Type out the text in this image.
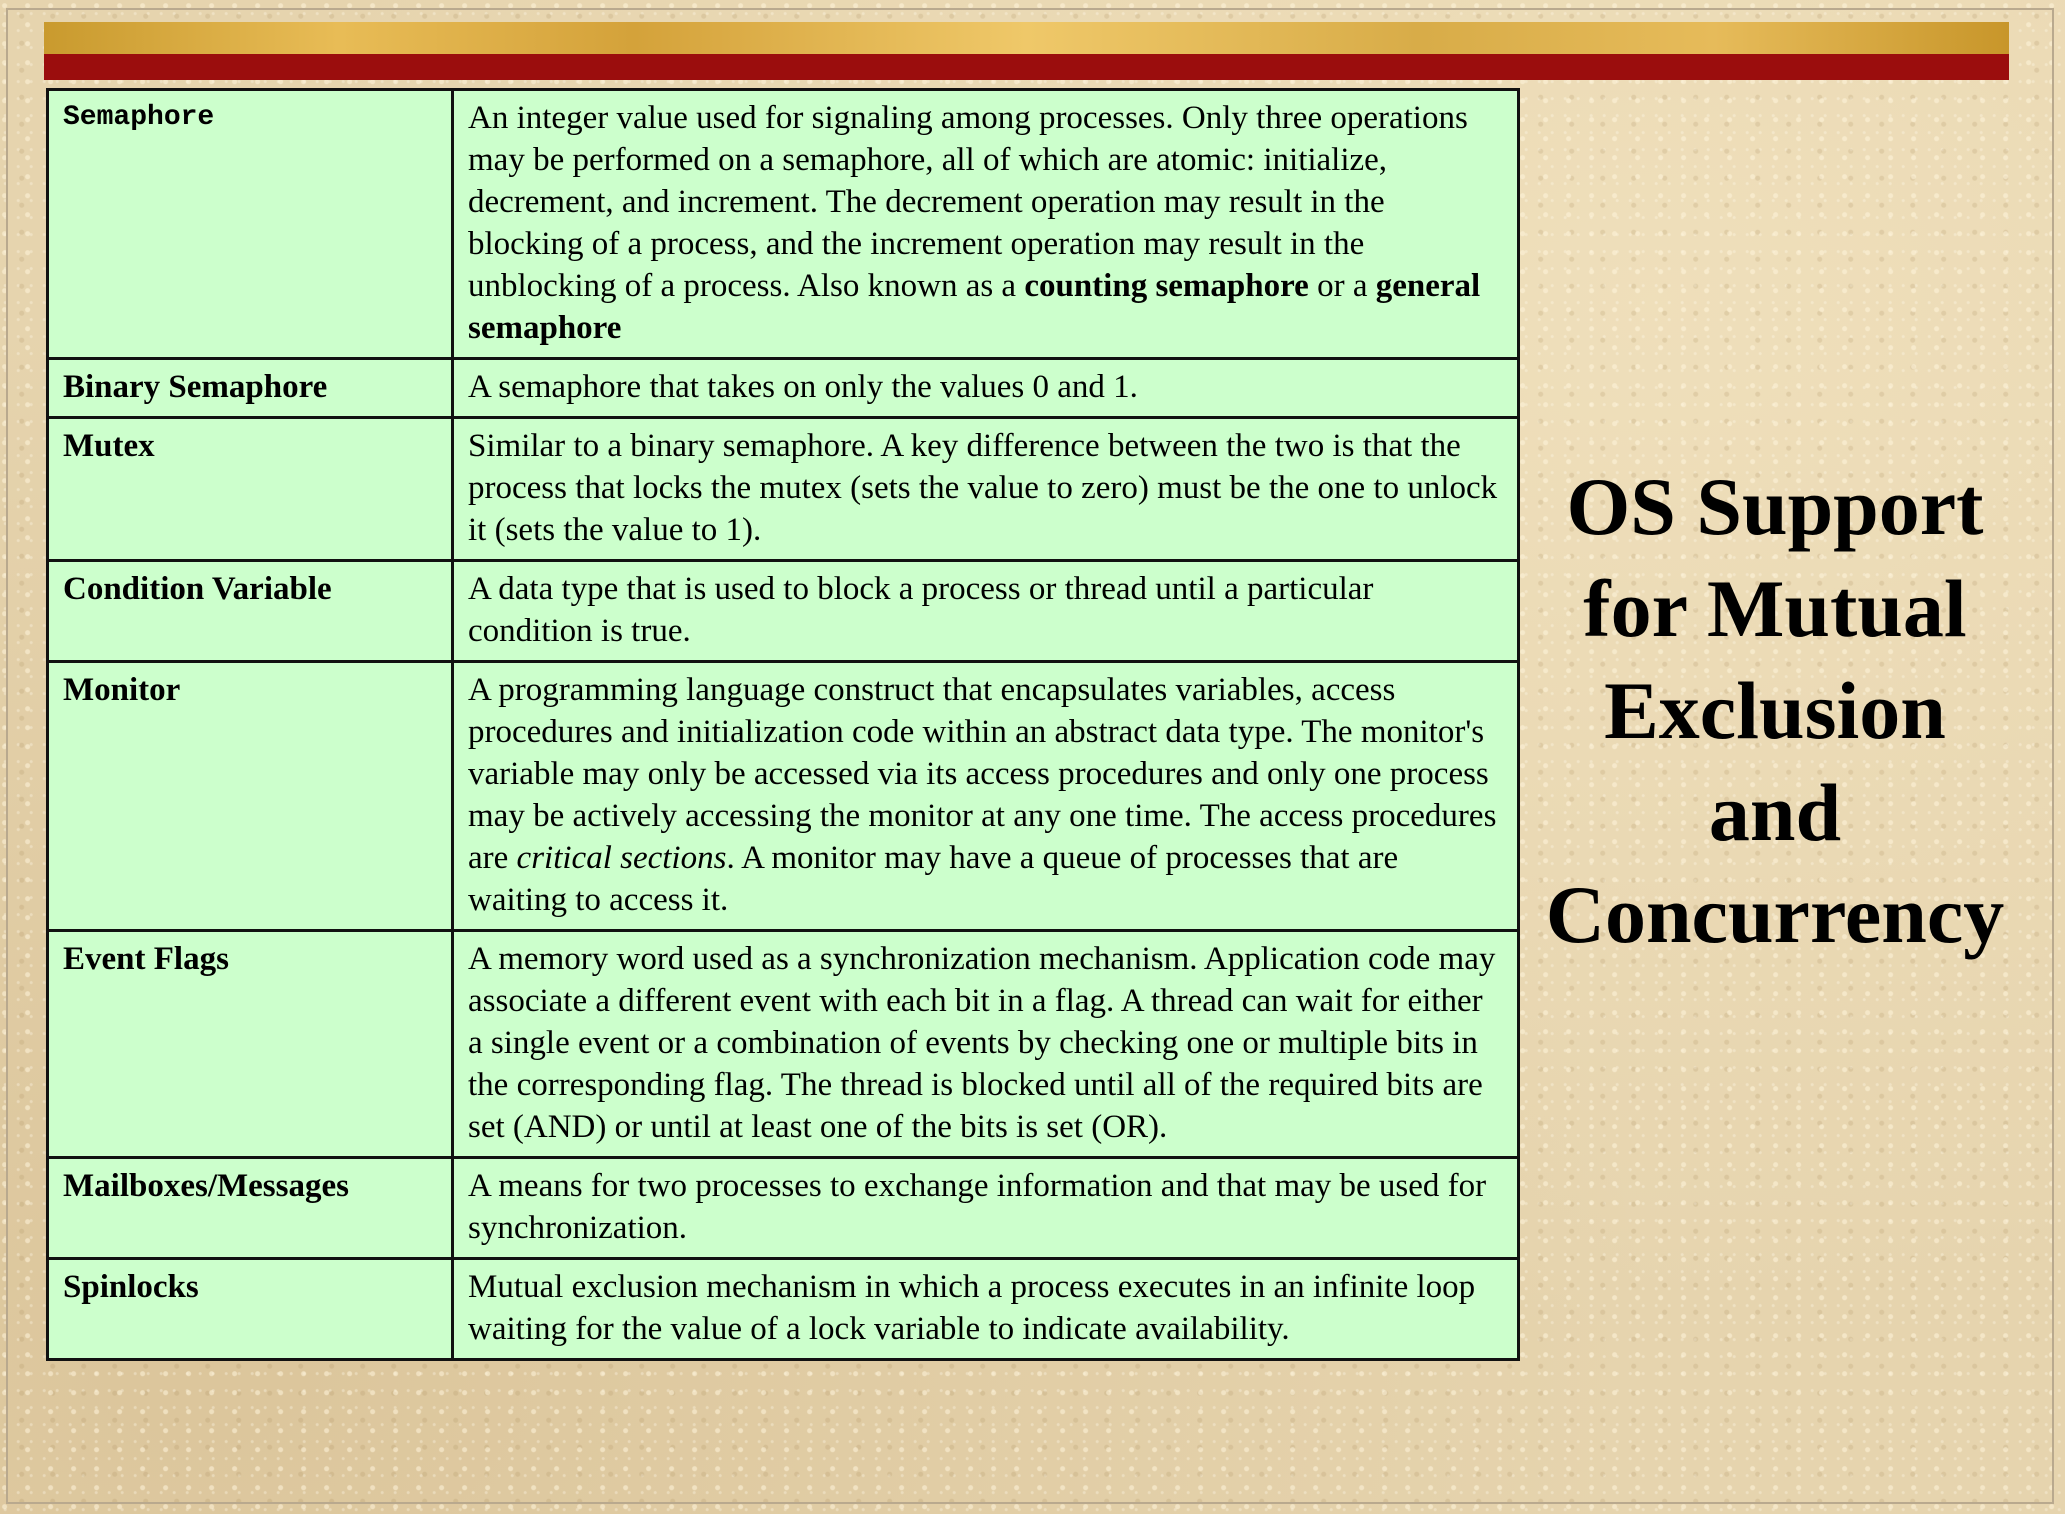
Semaphore	An integer value used for signaling among processes. Only three operations may be performed on a semaphore, all of which are atomic: initialize, decrement, and increment. The decrement operation may result in the blocking of a process, and the increment operation may result in the unblocking of a process. Also known as a counting semaphore or a general semaphore
Binary Semaphore	A semaphore that takes on only the values 0 and 1.
Mutex	Similar to a binary semaphore. A key difference between the two is that the process that locks the mutex (sets the value to zero) must be the one to unlock it (sets the value to 1).
Condition Variable	A data type that is used to block a process or thread until a particular condition is true.
Monitor	A programming language construct that encapsulates variables, access procedures and initialization code within an abstract data type. The monitor's variable may only be accessed via its access procedures and only one process may be actively accessing the monitor at any one time. The access procedures are critical sections. A monitor may have a queue of processes that are waiting to access it.
Event Flags	A memory word used as a synchronization mechanism. Application code may associate a different event with each bit in a flag. A thread can wait for either a single event or a combination of events by checking one or multiple bits in the corresponding flag. The thread is blocked until all of the required bits are set (AND) or until at least one of the bits is set (OR).
Mailboxes/Messages	A means for two processes to exchange information and that may be used for synchronization.
Spinlocks	Mutual exclusion mechanism in which a process executes in an infinite loop waiting for the value of a lock variable to indicate availability.
OS Support
for Mutual
Exclusion
and
Concurrency
